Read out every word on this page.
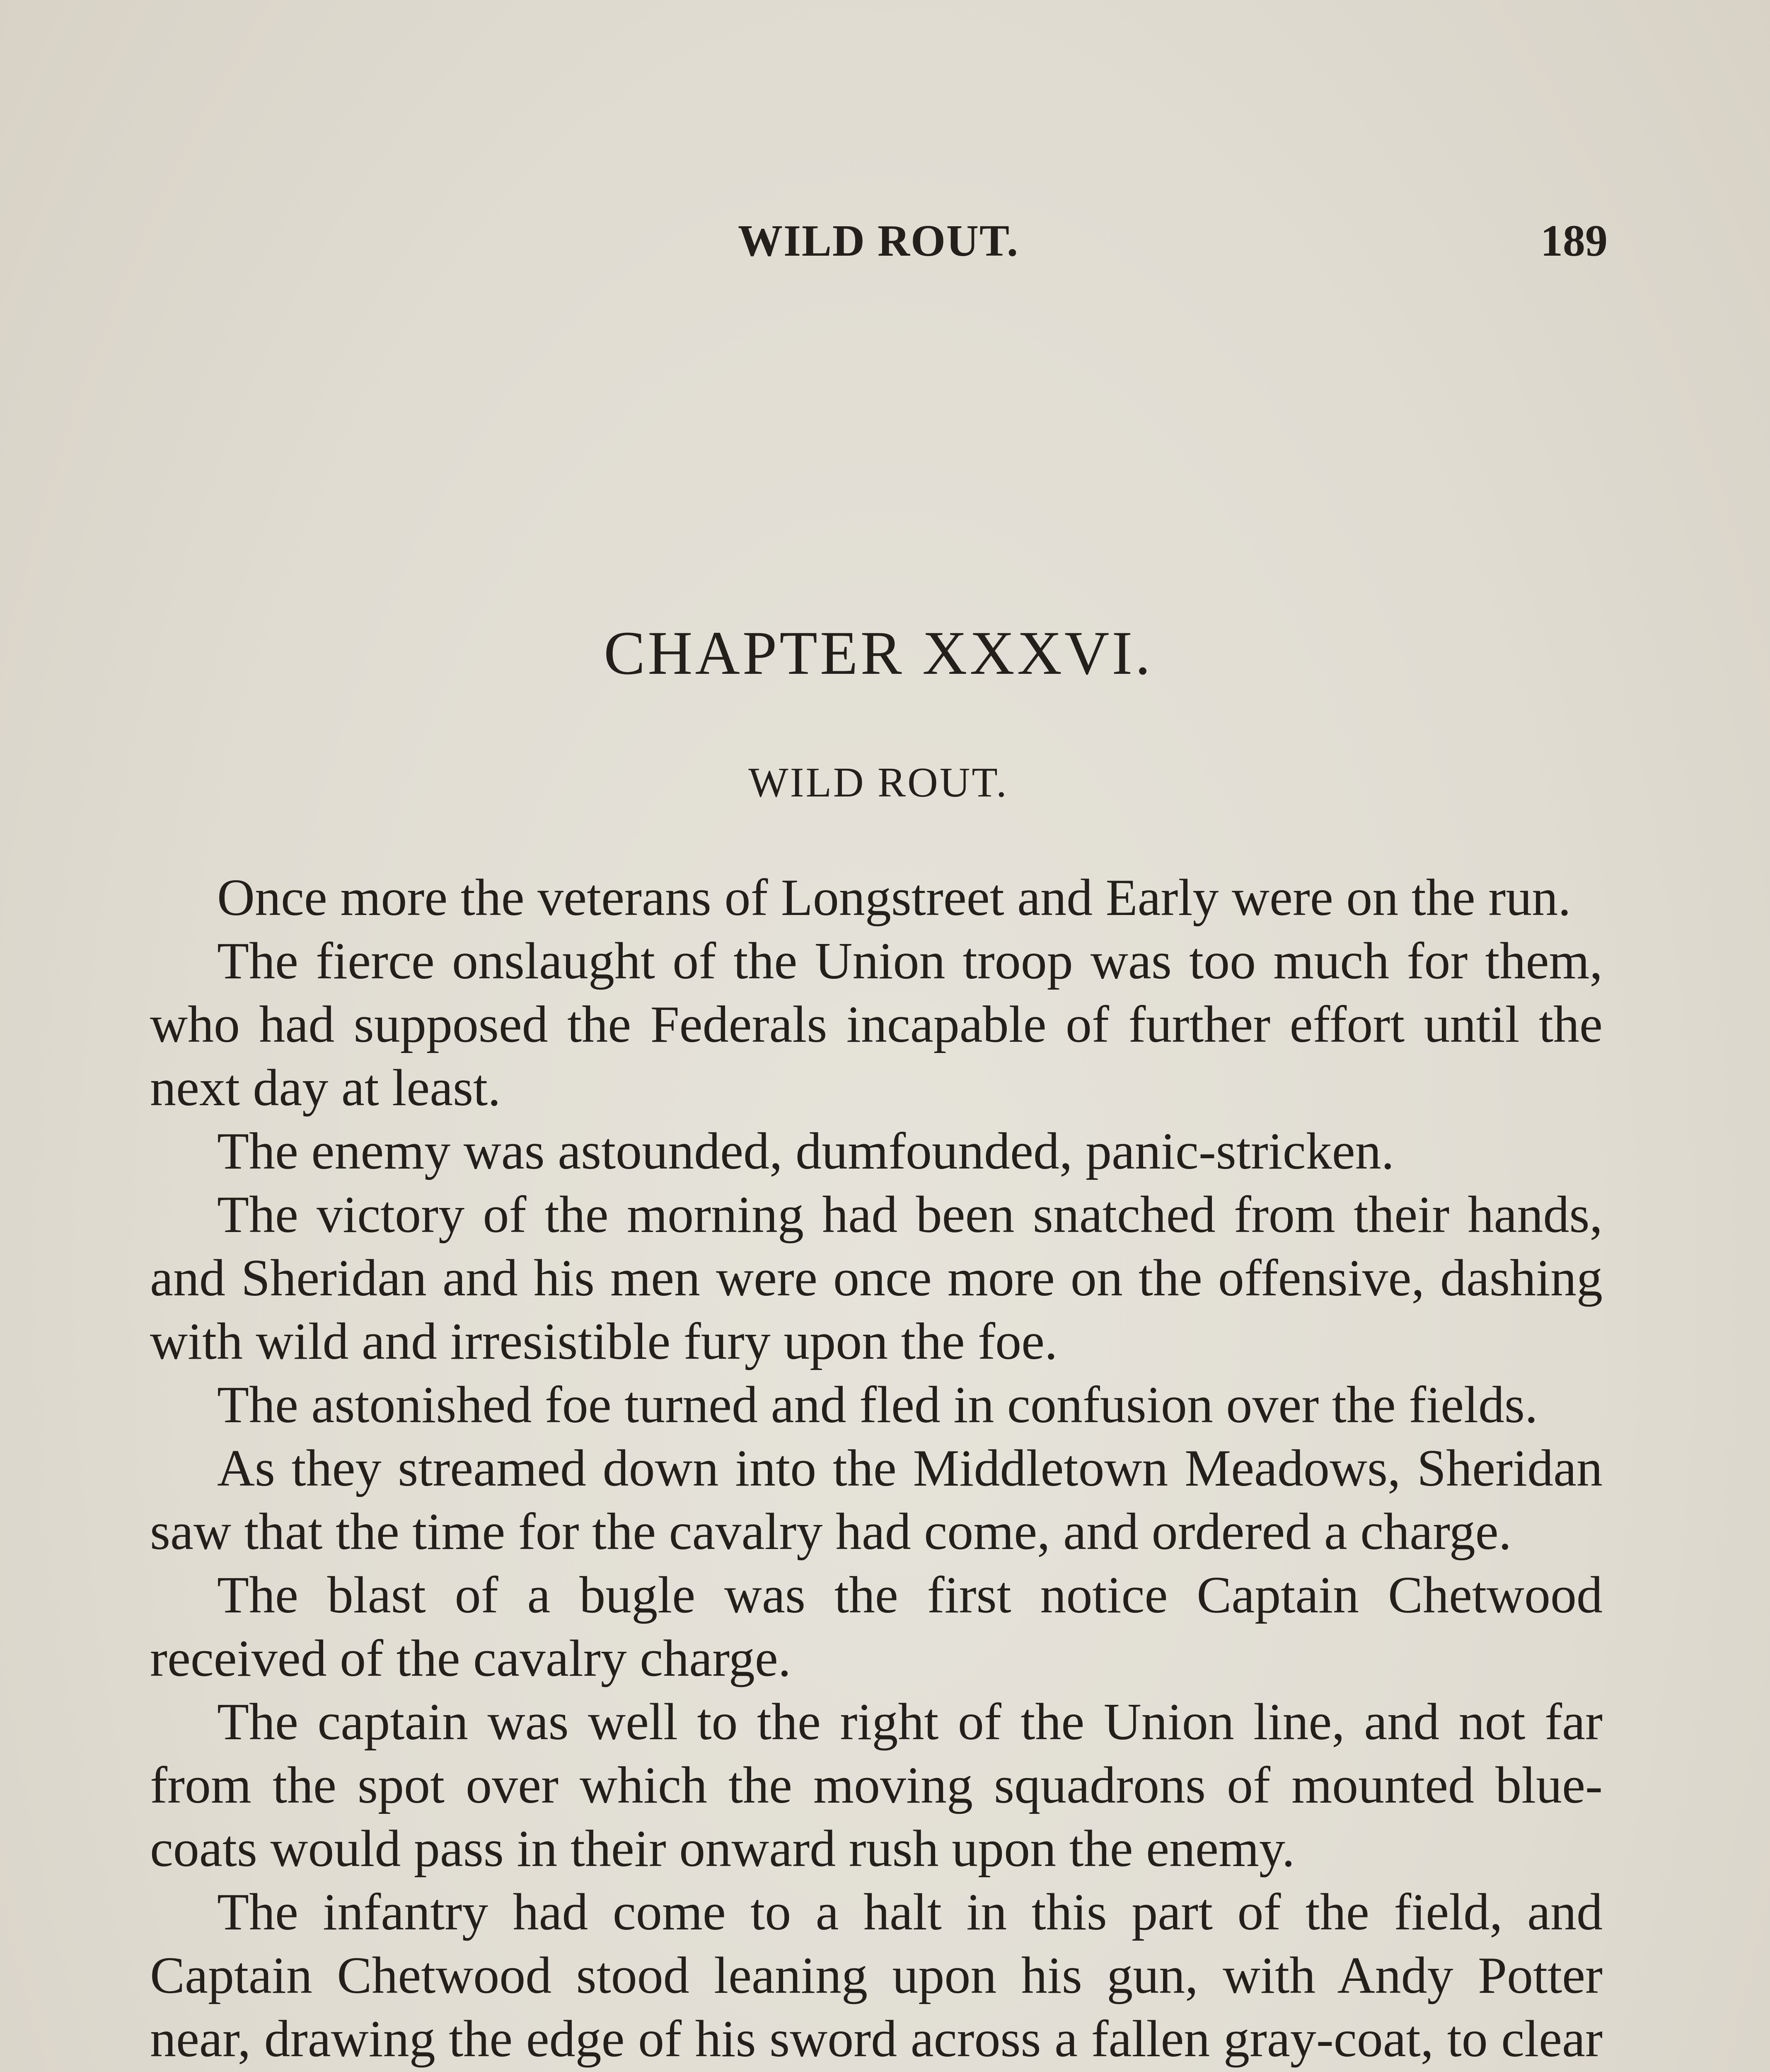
WILD ROUT.	189
CHAPTER XXXVI.
WILD ROUT.

Once more the veterans of Longstreet and Early were on the run.

The fierce onslaught of the Union troop was too much for them, who had supposed the Federals incapable of further effort until the next day at least.

The enemy was astounded, dumfounded, panic-stricken.

The victory of the morning had been snatched from their hands, and Sheridan and his men were once more on the offensive, dashing with wild and irresistible fury upon the foe.

The astonished foe turned and fled in confusion over the fields.

As they streamed down into the Middletown Meadows, Sheridan saw that the time for the cavalry had come, and ordered a charge.

The blast of a bugle was the first notice Captain Chetwood received of the cavalry charge.

The captain was well to the right of the Union line, and not far from the spot over which the moving squadrons of mounted blue-coats would pass in their onward rush upon the enemy.

The infantry had come to a halt in this part of the field, and Captain Chetwood stood leaning upon his gun, with Andy Potter near, drawing the edge of his sword across a fallen gray-coat, to clear
